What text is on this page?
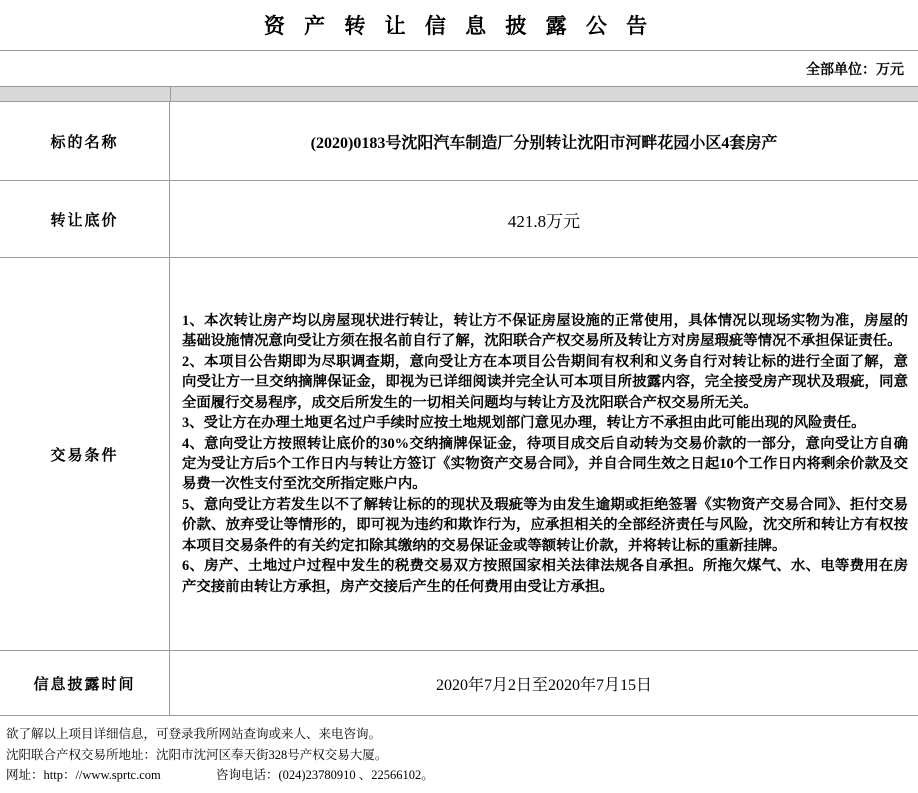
资 产 转 让 信 息 披 露 公 告
全部单位：万元
标的名称	(2020)0183号沈阳汽车制造厂分别转让沈阳市河畔花园小区4套房产
转让底价	421.8万元
交易条件

1、本次转让房产均以房屋现状进行转让，转让方不保证房屋设施的正常使用，具体情况以现场实物为准，房屋的基础设施情况意向受让方须在报名前自行了解，沈阳联合产权交易所及转让方对房屋瑕疵等情况不承担保证责任。

2、本项目公告期即为尽职调查期，意向受让方在本项目公告期间有权利和义务自行对转让标的进行全面了解，意向受让方一旦交纳摘牌保证金，即视为已详细阅读并完全认可本项目所披露内容，完全接受房产现状及瑕疵，同意全面履行交易程序，成交后所发生的一切相关问题均与转让方及沈阳联合产权交易所无关。

3、受让方在办理土地更名过户手续时应按土地规划部门意见办理，转让方不承担由此可能出现的风险责任。

4、意向受让方按照转让底价的30%交纳摘牌保证金，待项目成交后自动转为交易价款的一部分，意向受让方自确定为受让方后5个工作日内与转让方签订《实物资产交易合同》，并自合同生效之日起10个工作日内将剩余价款及交易费一次性支付至沈交所指定账户内。

5、意向受让方若发生以不了解转让标的的现状及瑕疵等为由发生逾期或拒绝签署《实物资产交易合同》、拒付交易价款、放弃受让等情形的，即可视为违约和欺诈行为，应承担相关的全部经济责任与风险，沈交所和转让方有权按本项目交易条件的有关约定扣除其缴纳的交易保证金或等额转让价款，并将转让标的重新挂牌。

6、房产、土地过户过程中发生的税费交易双方按照国家相关法律法规各自承担。所拖欠煤气、水、电等费用在房产交接前由转让方承担，房产交接后产生的任何费用由受让方承担。

信息披露时间	2020年7月2日至2020年7月15日
欲了解以上项目详细信息，可登录我所网站查询或来人、来电咨询。
沈阳联合产权交易所地址：沈阳市沈河区奉天街328号产权交易大厦。
网址：http：//www.sprtc.com	咨询电话：(024)23780910 、22566102。
